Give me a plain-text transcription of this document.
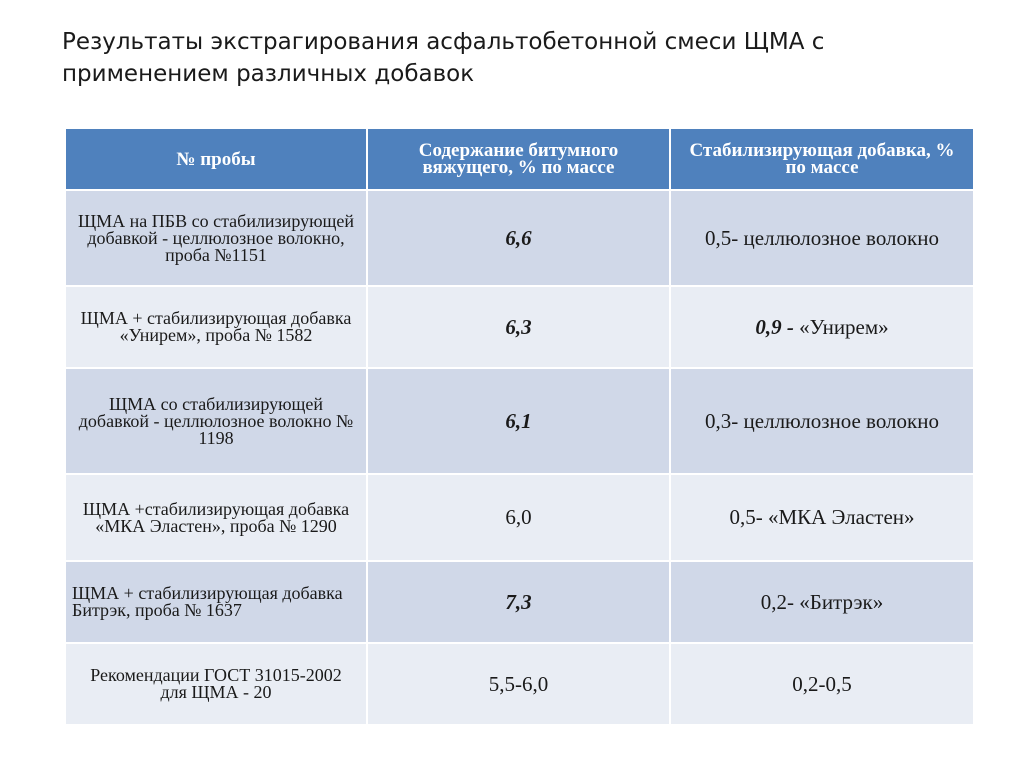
Результаты экстрагирования асфальтобетонной смеси ЩМА с применением различных добавок
№ пробы	Содержание битумного вяжущего, % по массе	Стабилизирующая добавка, % по массе
ЩМА на ПБВ со стабилизирующей добавкой - целлюлозное волокно, проба №1151	6,6	0,5- целлюлозное волокно
ЩМА + стабилизирующая добавка «Унирем», проба № 1582	6,3	0,9 - «Унирем»
ЩМА со стабилизирующей добавкой - целлюлозное волокно № 1198	6,1	0,3- целлюлозное волокно
ЩМА +стабилизирующая добавка «МКА Эластен», проба № 1290	6,0	0,5- «МКА Эластен»
ЩМА + стабилизирующая добавка Битрэк, проба № 1637	7,3	0,2- «Битрэк»

Рекомендации ГОСТ 31015-2002
для ЩМА - 20	5,5-6,0	0,2-0,5
